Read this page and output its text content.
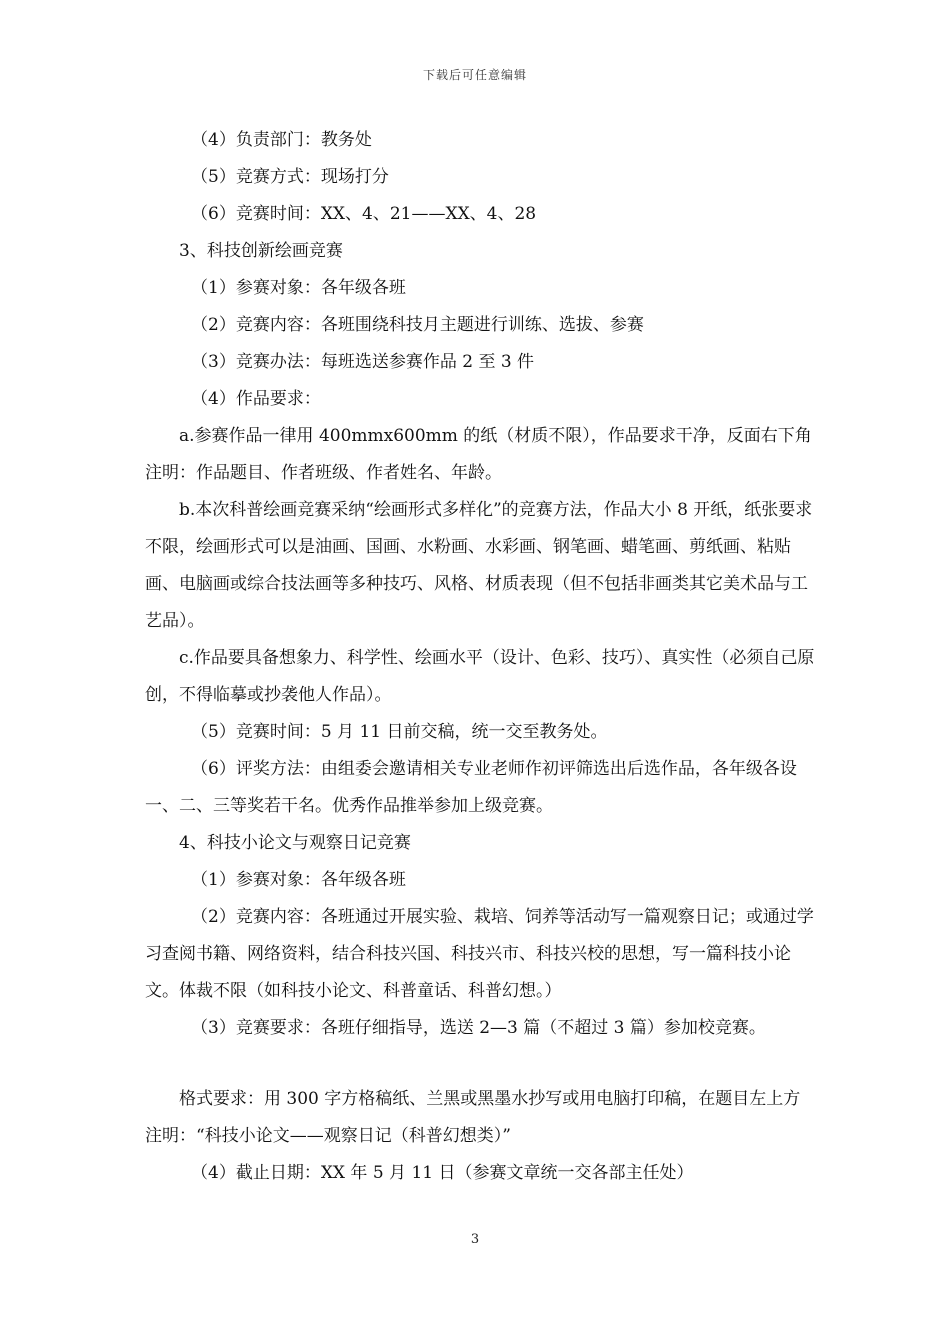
下载后可任意编辑

（4）负责部门：教务处

（5）竞赛方式：现场打分

（6）竞赛时间：XX、4、21——XX、4、28

3、科技创新绘画竞赛

（1）参赛对象：各年级各班

（2）竞赛内容：各班围绕科技月主题进行训练、选拔、参赛

（3）竞赛办法：每班选送参赛作品 2 至 3 件

（4）作品要求：

a.参赛作品一律用 400mmx600mm 的纸（材质不限），作品要求干净，反面右下角注明：作品题目、作者班级、作者姓名、年龄。

b.本次科普绘画竞赛采纳“绘画形式多样化”的竞赛方法，作品大小 8 开纸，纸张要求不限，绘画形式可以是油画、国画、水粉画、水彩画、钢笔画、蜡笔画、剪纸画、粘贴画、电脑画或综合技法画等多种技巧、风格、材质表现（但不包括非画类其它美术品与工艺品）。

c.作品要具备想象力、科学性、绘画水平（设计、色彩、技巧）、真实性（必须自己原创，不得临摹或抄袭他人作品）。

（5）竞赛时间：5 月 11 日前交稿，统一交至教务处。

（6）评奖方法：由组委会邀请相关专业老师作初评筛选出后选作品，各年级各设一、二、三等奖若干名。优秀作品推举参加上级竞赛。

4、科技小论文与观察日记竞赛

（1）参赛对象：各年级各班

（2）竞赛内容：各班通过开展实验、栽培、饲养等活动写一篇观察日记；或通过学习查阅书籍、网络资料，结合科技兴国、科技兴市、科技兴校的思想，写一篇科技小论文。体裁不限（如科技小论文、科普童话、科普幻想。）

（3）竞赛要求：各班仔细指导，选送 2—3 篇（不超过 3 篇）参加校竞赛。

格式要求：用 300 字方格稿纸、兰黑或黑墨水抄写或用电脑打印稿，在题目左上方注明：“科技小论文——观察日记（科普幻想类）”

（4）截止日期：XX 年 5 月 11 日（参赛文章统一交各部主任处）

3
